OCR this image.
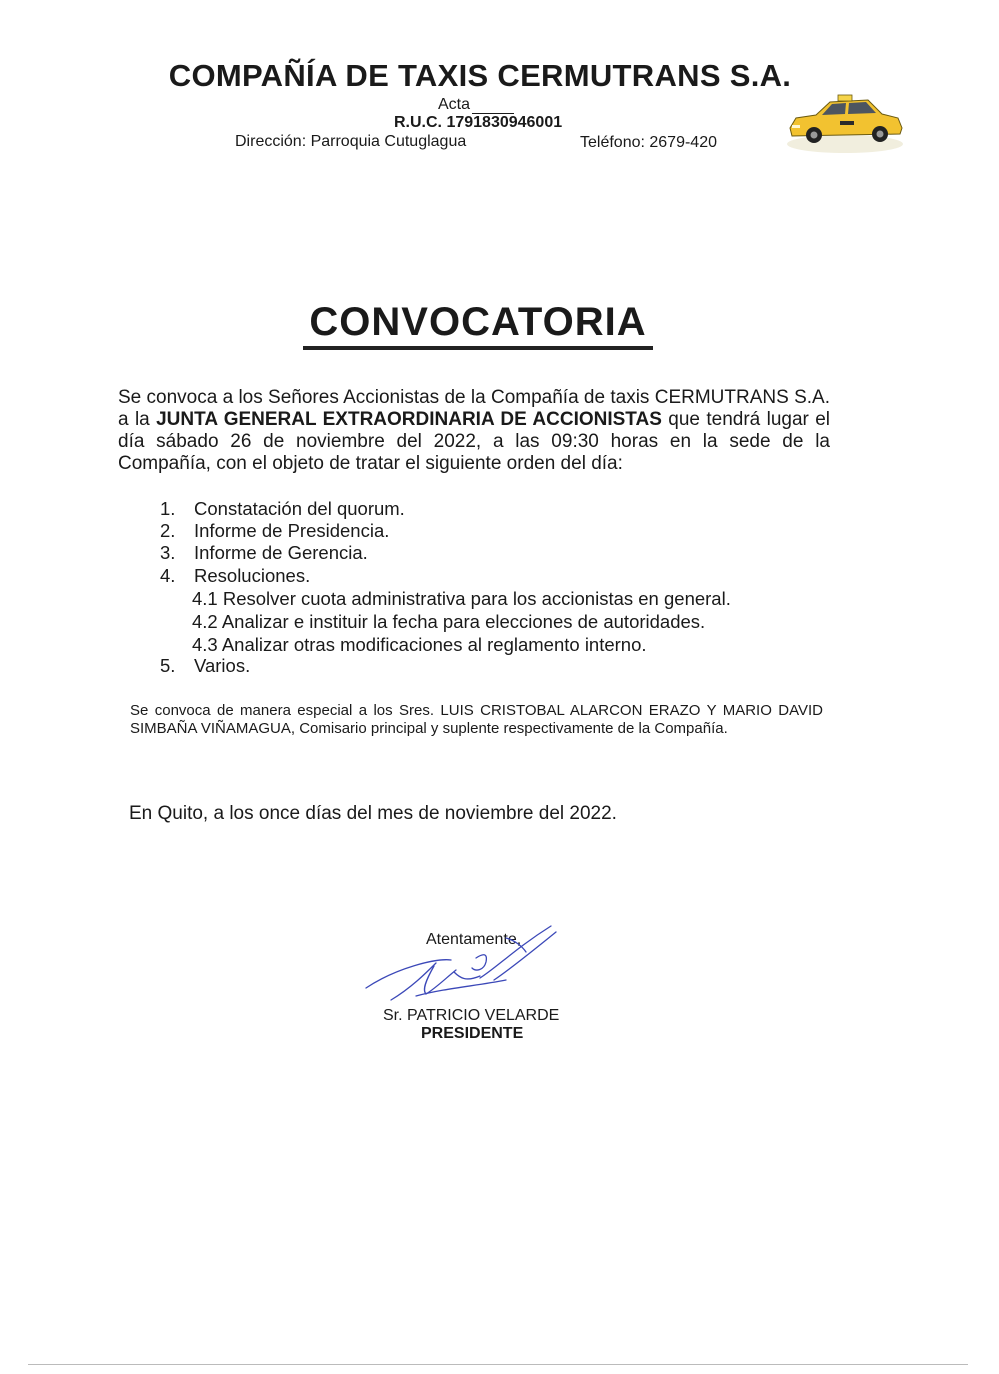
COMPAÑÍA DE TAXIS CERMUTRANS S.A.
Acta
R.U.C. 1791830946001
Dirección: Parroquia Cutuglagua	Teléfono: 2679-420
CONVOCATORIA
Se convoca a los Señores Accionistas de la Compañía de taxis CERMUTRANS S.A. a la JUNTA GENERAL EXTRAORDINARIA DE ACCIONISTAS que tendrá lugar el día sábado 26 de noviembre del 2022, a las 09:30 horas en la sede de la Compañía, con el objeto de tratar el siguiente orden del día:
1. Constatación del quorum.
2. Informe de Presidencia.
3. Informe de Gerencia.
4. Resoluciones.
4.1 Resolver cuota administrativa para los accionistas en general.
4.2 Analizar e instituir la fecha para elecciones de autoridades.
4.3 Analizar otras modificaciones al reglamento interno.
5. Varios.
Se convoca de manera especial a los Sres. LUIS CRISTOBAL ALARCON ERAZO Y MARIO DAVID SIMBAÑA VIÑAMAGUA, Comisario principal y suplente respectivamente de la Compañía.
En Quito, a los once días del mes de noviembre del 2022.
Atentamente,
Sr. PATRICIO VELARDE
PRESIDENTE
